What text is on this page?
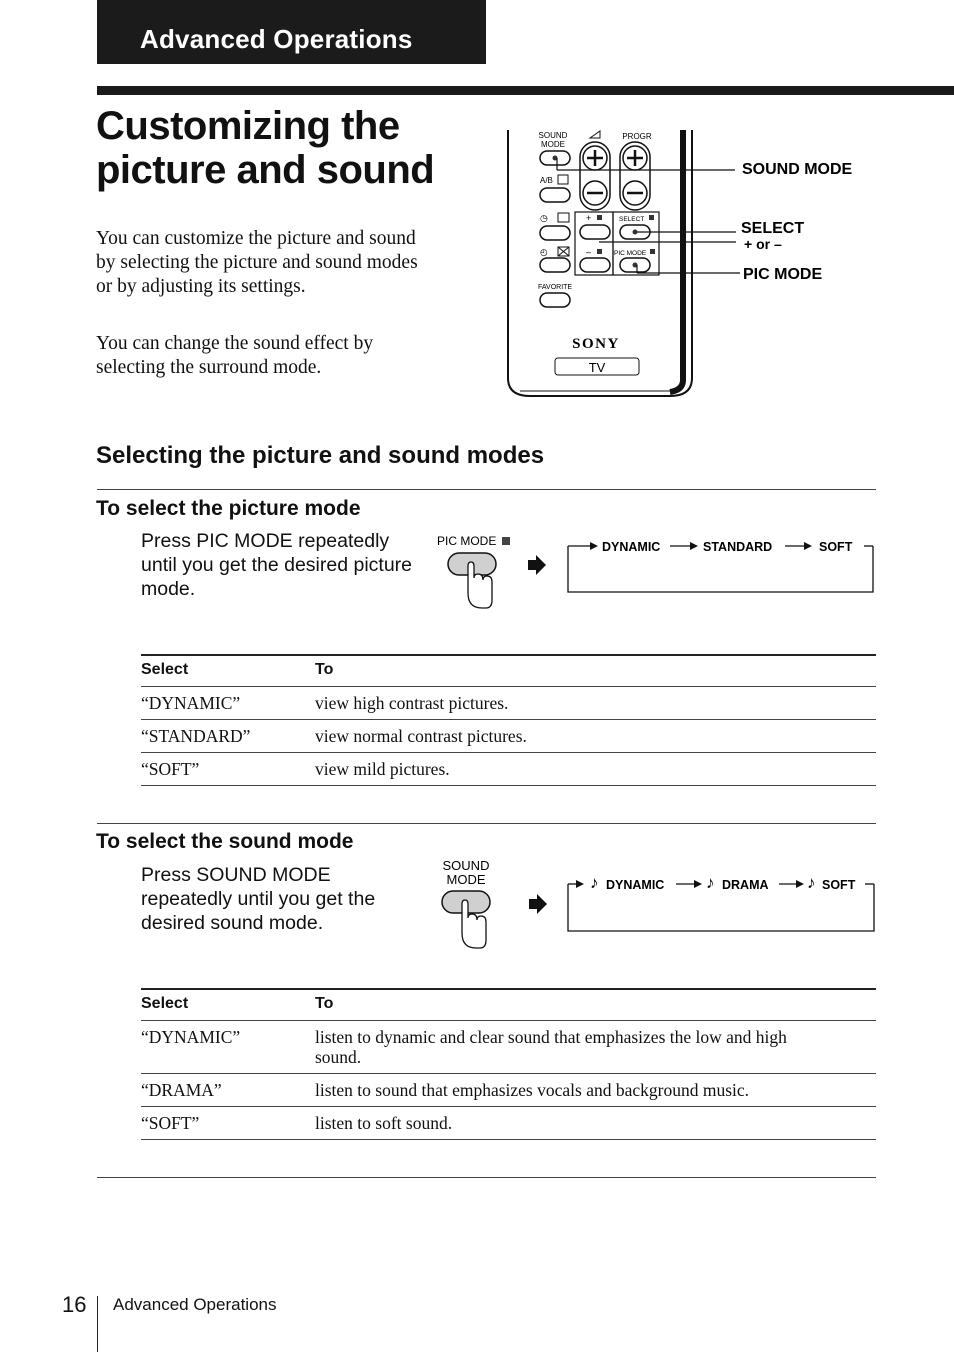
Advanced Operations
Customizing the picture and sound
You can customize the picture and sound by selecting the picture and sound modes or by adjusting its settings.
You can change the sound effect by selecting the surround mode.
SOUND
MODE
PROGR
A/B
◷
◴
+
–
SELECT
PIC MODE
FAVORITE
SONY
TV
SOUND MODE
SELECT
+ or –
PIC MODE
Selecting the picture and sound modes
To select the picture mode
Press PIC MODE repeatedly until you get the desired picture mode.
PIC MODE	DYNAMIC	STANDARD	SOFT
Select	To
“DYNAMIC”	view high contrast pictures.
“STANDARD”	view normal contrast pictures.
“SOFT”	view mild pictures.
To select the sound mode
Press SOUND MODE repeatedly until you get the desired sound mode.
SOUND
MODE	♪ DYNAMIC ♪ DRAMA ♪ SOFT
Select	To
“DYNAMIC”	listen to dynamic and clear sound that emphasizes the low and high sound.
“DRAMA”	listen to sound that emphasizes vocals and background music.
“SOFT”	listen to soft sound.
16 Advanced Operations
